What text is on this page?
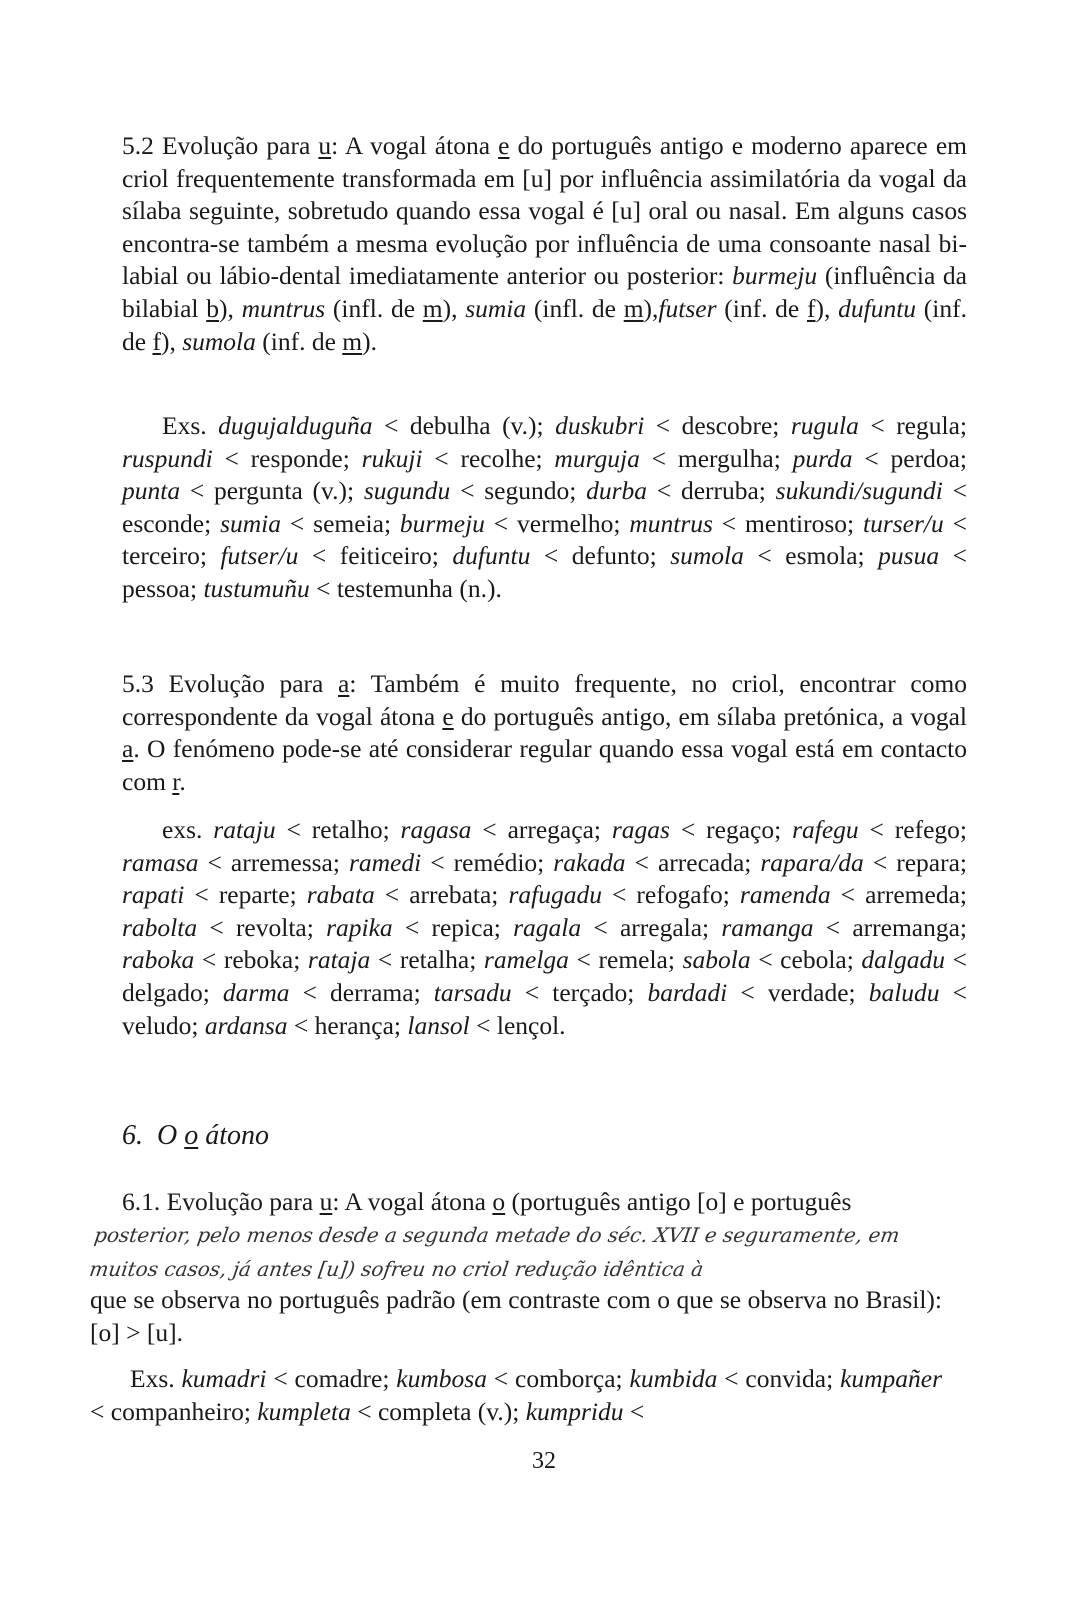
5.2 Evolução para u: A vogal átona e do português antigo e moderno aparece em criol frequentemente transformada em [u] por influência assimilatória da vogal da sílaba seguinte, sobretudo quando essa vogal é [u] oral ou nasal. Em alguns casos encontra-se também a mesma evolução por influência de uma consoante nasal bi-labial ou lábio-dental imediatamente anterior ou posterior: burmeju (influência da bilabial b), muntrus (infl. de m), sumia (infl. de m),futser (inf. de f), dufuntu (inf. de f), sumola (inf. de m).

Exs. dugujalduguña < debulha (v.); duskubri < descobre; rugula < regula; ruspundi < responde; rukuji < recolhe; murguja < mergulha; purda < perdoa; punta < pergunta (v.); sugundu < segundo; durba < derruba; sukundi/sugundi < esconde; sumia < semeia; burmeju < vermelho; muntrus < mentiroso; turser/u < terceiro; futser/u < feiticeiro; dufuntu < defunto; sumola < esmola; pusua < pessoa; tustumuñu < testemunha (n.).

5.3 Evolução para a: Também é muito frequente, no criol, encontrar como correspondente da vogal átona e do português antigo, em sílaba pretónica, a vogal a. O fenómeno pode-se até considerar regular quando essa vogal está em contacto com r.

exs. rataju < retalho; ragasa < arregaça; ragas < regaço; rafegu < refego; ramasa < arremessa; ramedi < remédio; rakada < arrecada; rapara/da < repara; rapati < reparte; rabata < arrebata; rafugadu < refogafo; ramenda < arremeda; rabolta < revolta; rapika < repica; ragala < arregala; ramanga < arremanga; raboka < reboka; rataja < retalha; ramelga < remela; sabola < cebola; dalgadu < delgado; darma < derrama; tarsadu < terçado; bardadi < verdade; baludu < veludo; ardansa < herança; lansol < lençol.

6. O o átono

6.1. Evolução para u: A vogal átona o (português antigo [o] e português

posterior, pelo menos desde a segunda metade do séc. XVII e seguramente, em muitos casos, já antes [u]) sofreu no criol redução idêntica à

que se observa no português padrão (em contraste com o que se observa no Brasil): [o] > [u].

Exs. kumadri < comadre; kumbosa < comborça; kumbida < convida; kumpañer < companheiro; kumpleta < completa (v.); kumpridu <

32
